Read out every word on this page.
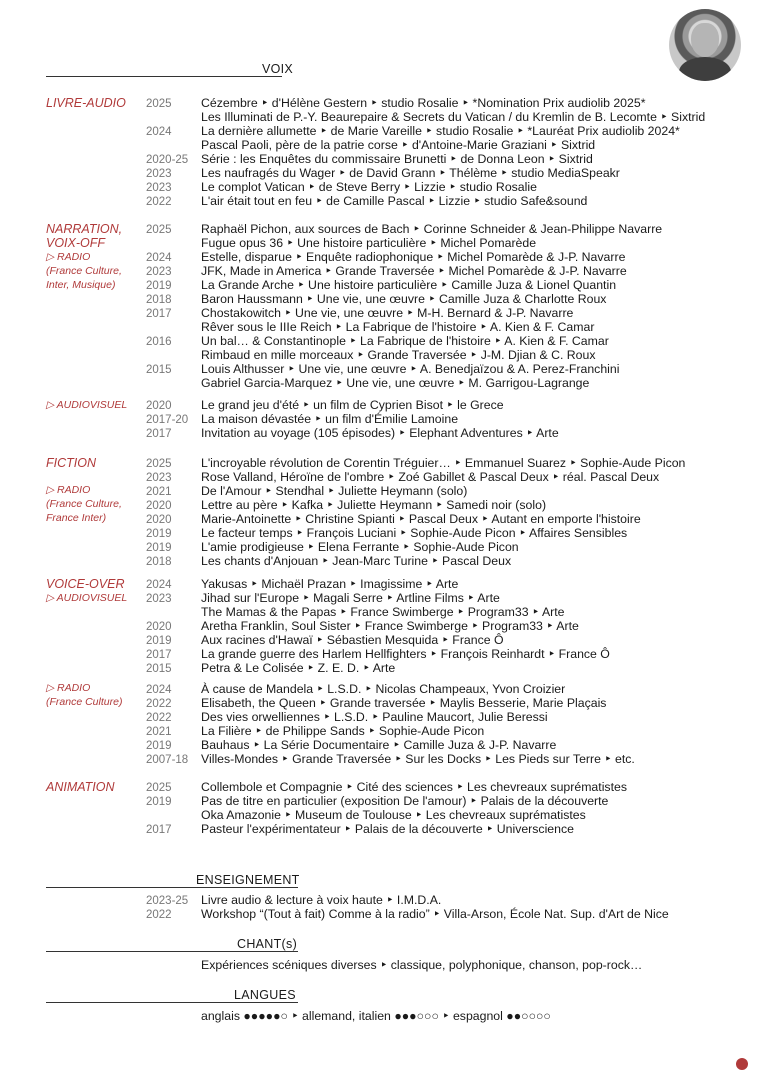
VOIX
LIVRE-AUDIO
NARRATION,
VOIX-OFF
▷ RADIO
(France Culture,
Inter, Musique)
▷ AUDIOVISUEL
FICTION
▷ RADIO
(France Culture,
France Inter)
VOICE-OVER
▷ AUDIOVISUEL
▷ RADIO
(France Culture)
ANIMATION
2025 Cézembre ‣ d'Hélène Gestern ‣ studio Rosalie ‣ *Nomination Prix audiolib 2025*
Les Illuminati de P.-Y. Beaurepaire & Secrets du Vatican / du Kremlin de B. Lecomte ‣ Sixtrid
2024 La dernière allumette ‣ de Marie Vareille ‣ studio Rosalie ‣ *Lauréat Prix audiolib 2024*
Pascal Paoli, père de la patrie corse ‣ d'Antoine-Marie Graziani ‣ Sixtrid
2020-25 Série : les Enquêtes du commissaire Brunetti ‣ de Donna Leon ‣ Sixtrid
2023 Les naufragés du Wager ‣ de David Grann ‣ Thélème ‣ studio MediaSpeakr
2023 Le complot Vatican ‣ de Steve Berry ‣ Lizzie ‣ studio Rosalie
2022 L'air était tout en feu ‣ de Camille Pascal ‣ Lizzie ‣ studio Safe&sound
2025 Raphaël Pichon, aux sources de Bach ‣ Corinne Schneider & Jean-Philippe Navarre
Fugue opus 36 ‣ Une histoire particulière ‣ Michel Pomarède
2024 Estelle, disparue ‣ Enquête radiophonique ‣ Michel Pomarède & J-P. Navarre
2023 JFK, Made in America ‣ Grande Traversée ‣ Michel Pomarède & J-P. Navarre
2019 La Grande Arche ‣ Une histoire particulière ‣ Camille Juza & Lionel Quantin
2018 Baron Haussmann ‣ Une vie, une œuvre ‣ Camille Juza & Charlotte Roux
2017 Chostakowitch ‣ Une vie, une œuvre ‣ M-H. Bernard & J-P. Navarre
Rêver sous le IIIe Reich ‣ La Fabrique de l'histoire ‣ A. Kien & F. Camar
2016 Un bal… & Constantinople ‣ La Fabrique de l'histoire ‣ A. Kien & F. Camar
Rimbaud en mille morceaux ‣ Grande Traversée ‣ J-M. Djian & C. Roux
2015 Louis Althusser ‣ Une vie, une œuvre ‣ A. Benedjaïzou & A. Perez-Franchini
Gabriel Garcia-Marquez ‣ Une vie, une œuvre ‣ M. Garrigou-Lagrange
2020 Le grand jeu d'été ‣ un film de Cyprien Bisot ‣ le Grece
2017-20 La maison dévastée ‣ un film d'Émilie Lamoine
2017 Invitation au voyage (105 épisodes) ‣ Elephant Adventures ‣ Arte
2025 L'incroyable révolution de Corentin Tréguier… ‣ Emmanuel Suarez ‣ Sophie-Aude Picon
2023 Rose Valland, Héroïne de l'ombre ‣ Zoé Gabillet & Pascal Deux ‣ réal. Pascal Deux
2021 De l'Amour ‣ Stendhal ‣ Juliette Heymann (solo)
2020 Lettre au père ‣ Kafka ‣ Juliette Heymann ‣ Samedi noir (solo)
2020 Marie-Antoinette ‣ Christine Spianti ‣ Pascal Deux ‣ Autant en emporte l'histoire
2019 Le facteur temps ‣ François Luciani ‣ Sophie-Aude Picon ‣ Affaires Sensibles
2019 L'amie prodigieuse ‣ Elena Ferrante ‣ Sophie-Aude Picon
2018 Les chants d'Anjouan ‣ Jean-Marc Turine ‣ Pascal Deux
2024 Yakusas ‣ Michaël Prazan ‣ Imagissime ‣ Arte
2023 Jihad sur l'Europe ‣ Magali Serre ‣ Artline Films ‣ Arte
The Mamas & the Papas ‣ France Swimberge ‣ Program33 ‣ Arte
2020 Aretha Franklin, Soul Sister ‣ France Swimberge ‣ Program33 ‣ Arte
2019 Aux racines d'Hawaï ‣ Sébastien Mesquida ‣ France Ô
2017 La grande guerre des Harlem Hellfighters ‣ François Reinhardt ‣ France Ô
2015 Petra & Le Colisée ‣ Z. E. D. ‣ Arte
2024 À cause de Mandela ‣ L.S.D. ‣ Nicolas Champeaux, Yvon Croizier
2022 Elisabeth, the Queen ‣ Grande traversée ‣ Maylis Besserie, Marie Plaçais
2022 Des vies orwelliennes ‣ L.S.D. ‣ Pauline Maucort, Julie Beressi
2021 La Filière ‣ de Philippe Sands ‣ Sophie-Aude Picon
2019 Bauhaus ‣ La Série Documentaire ‣ Camille Juza & J-P. Navarre
2007-18 Villes-Mondes ‣ Grande Traversée ‣ Sur les Docks ‣ Les Pieds sur Terre ‣ etc.
2025 Collembole et Compagnie ‣ Cité des sciences ‣ Les chevreaux suprématistes
2019 Pas de titre en particulier (exposition De l'amour) ‣ Palais de la découverte
Oka Amazonie ‣ Museum de Toulouse ‣ Les chevreaux suprématistes
2017 Pasteur l'expérimentateur ‣ Palais de la découverte ‣ Universcience
ENSEIGNEMENT
2023-25 Livre audio & lecture à voix haute ‣ I.M.D.A.
2022 Workshop “(Tout à fait) Comme à la radio” ‣ Villa-Arson, École Nat. Sup. d'Art de Nice
CHANT(s)
Expériences scéniques diverses ‣ classique, polyphonique, chanson, pop-rock…
LANGUES
anglais ●●●●●○ ‣ allemand, italien ●●●○○○ ‣ espagnol ●●○○○○
